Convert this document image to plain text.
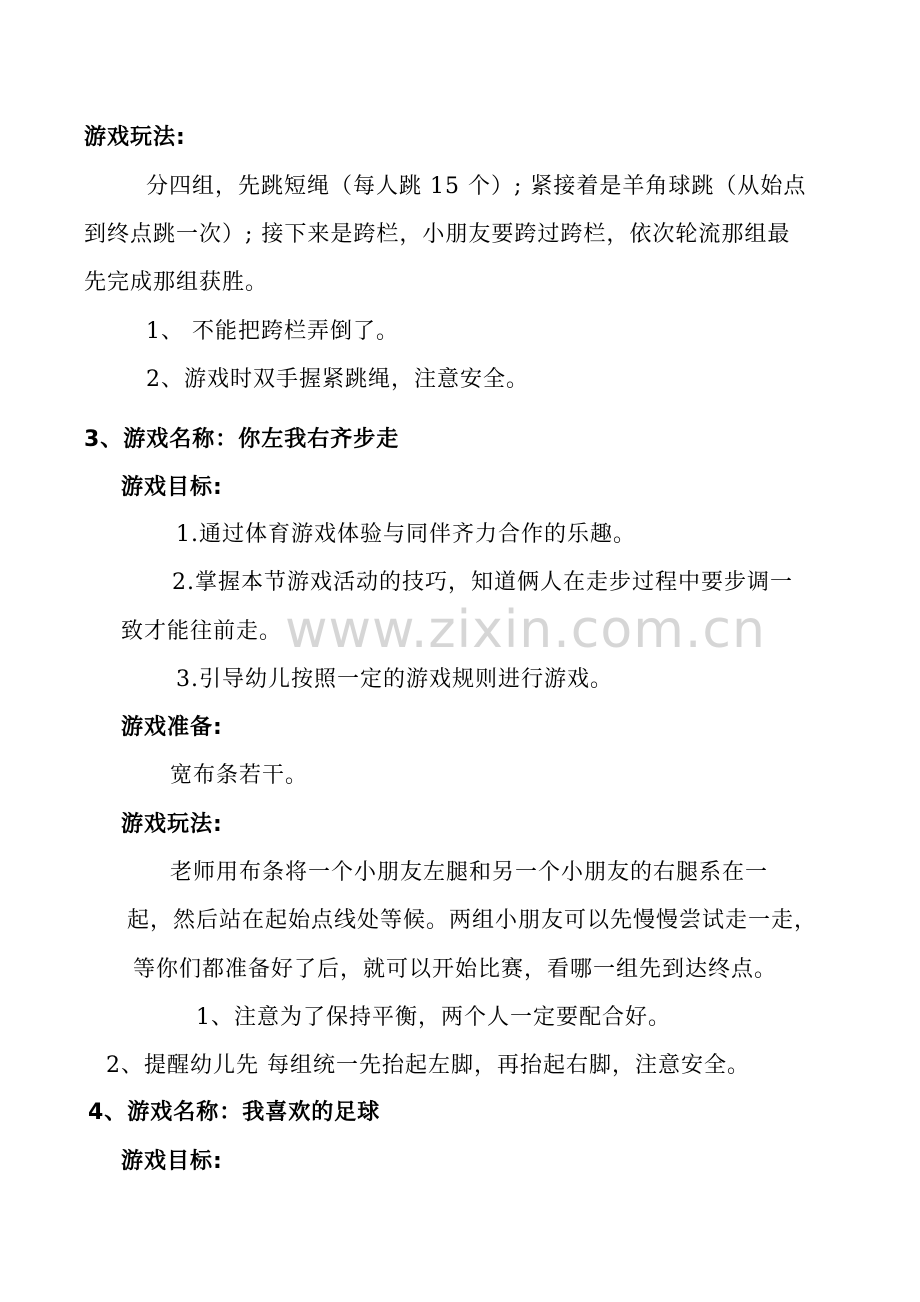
www.zixin.com.cn
游戏玩法:
分四组，先跳短绳（每人跳 15 个）; 紧接着是羊角球跳（从始点
到终点跳一次）; 接下来是跨栏，小朋友要跨过跨栏，依次轮流那组最
先完成那组获胜。
1、 不能把跨栏弄倒了。
2、游戏时双手握紧跳绳，注意安全。
3、游戏名称：你左我右齐步走
游戏目标:
1.通过体育游戏体验与同伴齐力合作的乐趣。
2.掌握本节游戏活动的技巧，知道俩人在走步过程中要步调一
致才能往前走。
3.引导幼儿按照一定的游戏规则进行游戏。
游戏准备:
宽布条若干。
游戏玩法:
老师用布条将一个小朋友左腿和另一个小朋友的右腿系在一
起，然后站在起始点线处等候。两组小朋友可以先慢慢尝试走一走，
等你们都准备好了后，就可以开始比赛，看哪一组先到达终点。
1、注意为了保持平衡，两个人一定要配合好。
2、提醒幼儿先 每组统一先抬起左脚，再抬起右脚，注意安全。
4、游戏名称：我喜欢的足球
游戏目标:
